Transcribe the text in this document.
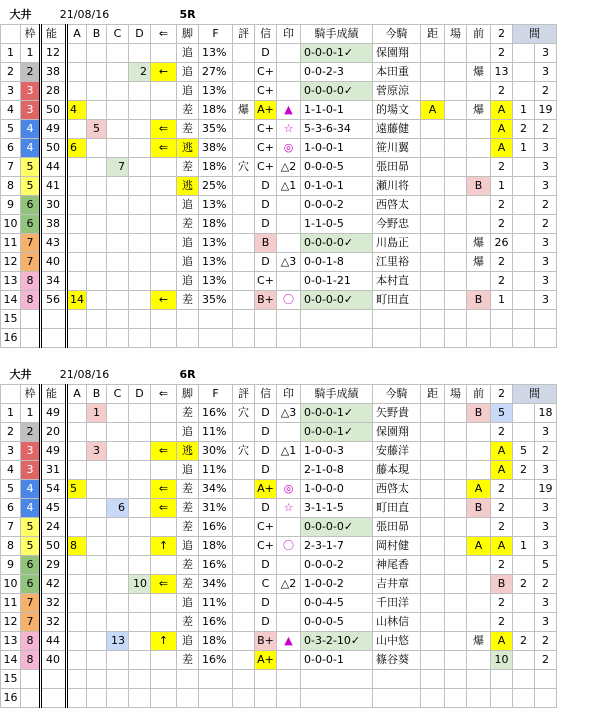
大井		21/08/16						5R												
	枠	能	A	B	C	D	⇐	脚	F	評	信	印	騎手成績	今騎	距	場	前	2	間	
1	1	12						追	13%		D		0-0-0-1✓	保園翔				2		3
2	2	38				2	←	追	27%		C+		0-0-2-3	本田重			爆	13		3
3	3	28						追	13%		C+		0-0-0-0✓	菅原涼				2		2
4	3	50	4					差	18%	爆	A+	▲	1-1-0-1	的場文	A		爆	A	1	19
5	4	49		5			⇐	差	35%		C+	☆	5-3-6-34	遠藤健				A	2	2
6	4	50	6				⇐	逃	38%		C+	◎	1-0-0-1	笹川翼				A	1	3
7	5	44			7			差	18%	穴	C+	△2	0-0-0-5	張田昴				2		3
8	5	41						逃	25%		D	△1	0-1-0-1	瀬川将			B	1		3
9	6	30						追	13%		D		0-0-0-2	西啓太				2		2
10	6	38						差	18%		D		1-1-0-5	今野忠				2		2
11	7	43						追	13%		B		0-0-0-0✓	川島正			爆	26		3
12	7	40						追	13%		D	△3	0-0-1-8	江里裕			爆	2		3
13	8	34						追	13%		C+		0-0-1-21	本村直				2		3
14	8	56	14				←	差	35%		B+	〇	0-0-0-0✓	町田直			B	1		3
15																				
16																				
大井		21/08/16						6R												
	枠	能	A	B	C	D	⇐	脚	F	評	信	印	騎手成績	今騎	距	場	前	2	間	
1	1	49		1				差	16%	穴	D	△3	0-0-0-1✓	矢野貴			B	5		18
2	2	20						追	11%		D		0-0-0-1✓	保園翔				2		3
3	3	49		3			⇐	逃	30%	穴	D	△1	1-0-0-3	安藤洋				A	5	2
4	3	31						追	11%		D		2-1-0-8	藤本現				A	2	3
5	4	54	5				⇐	差	34%		A+	◎	1-0-0-0	西啓太			A	2		19
6	4	45			6		⇐	差	31%		D	☆	3-1-1-5	町田直			B	2		3
7	5	24						差	16%		C+		0-0-0-0✓	張田昴				2		3
8	5	50	8				↑	追	18%		C+	〇	2-3-1-7	岡村健			A	A	1	3
9	6	29						差	16%		D		0-0-0-2	神尾香				2		5
10	6	42				10	⇐	差	34%		C	△2	1-0-0-2	吉井章				B	2	2
11	7	32						追	11%		D		0-0-4-5	千田洋				2		3
12	7	32						差	16%		D		0-0-0-5	山林信				2		3
13	8	44			13		↑	追	18%		B+	▲	0-3-2-10✓	山中悠			爆	A	2	2
14	8	40						差	16%		A+		0-0-0-1	篠谷葵				10		2
15																				
16																				
